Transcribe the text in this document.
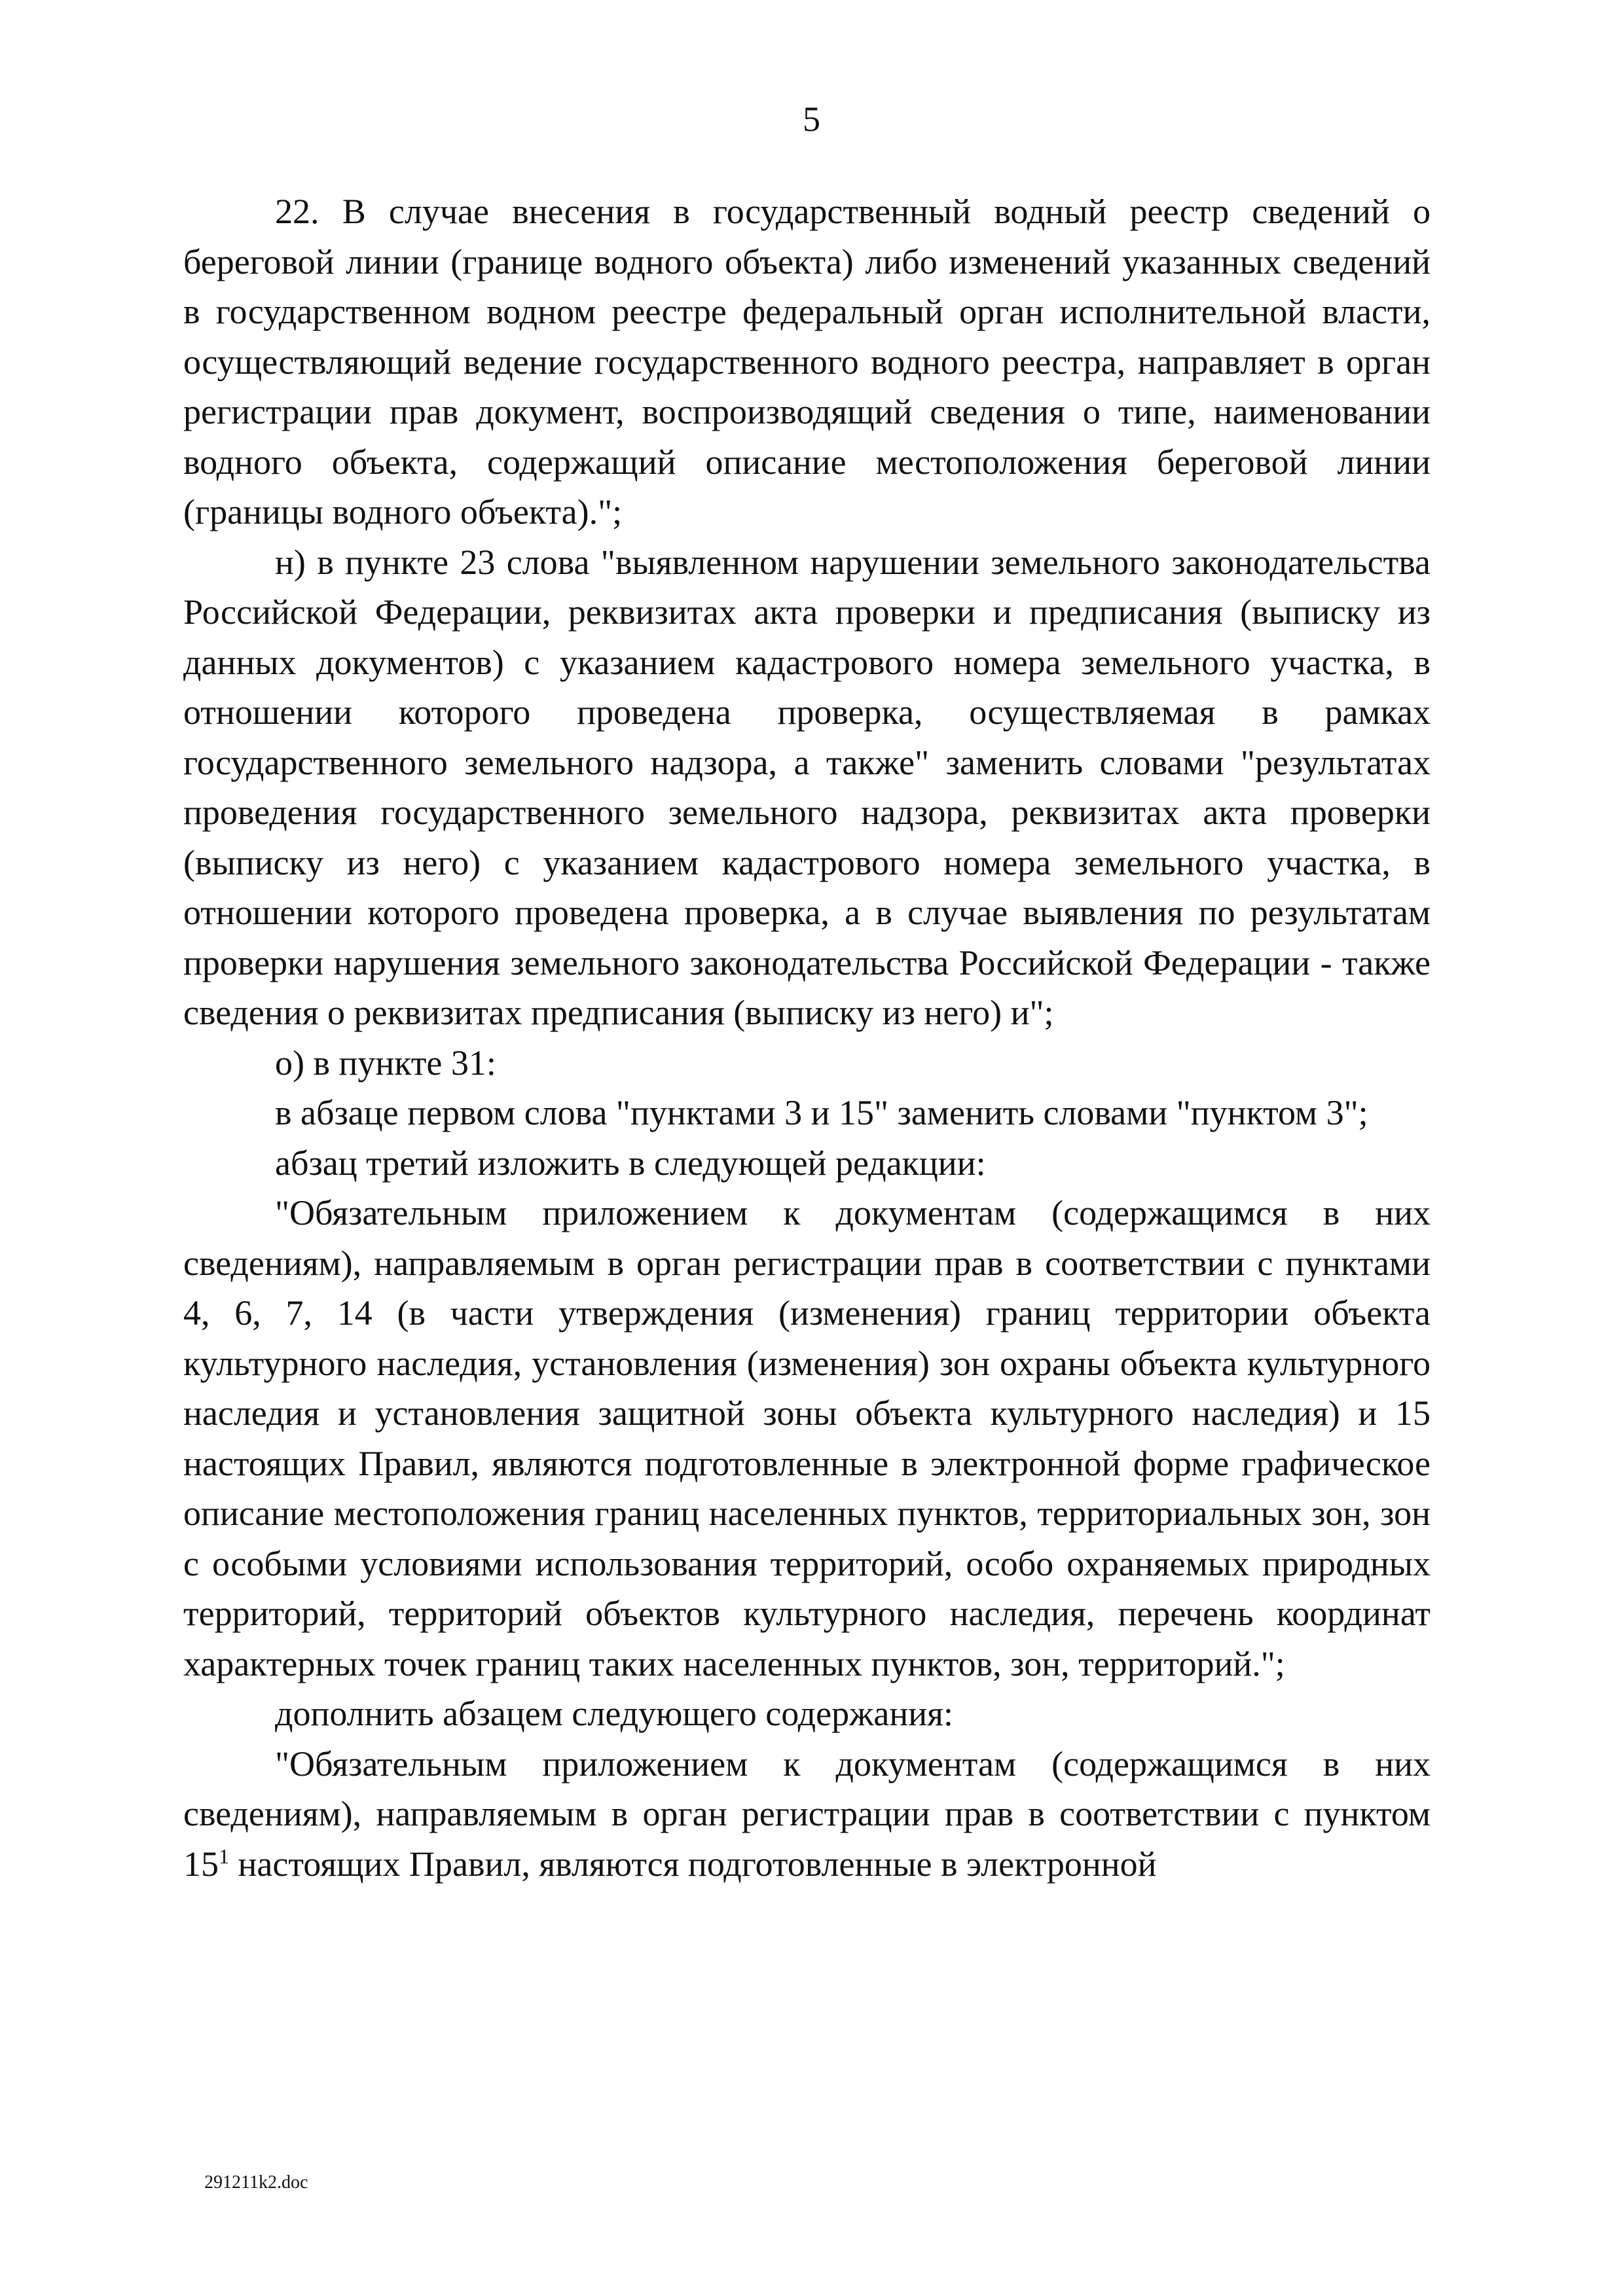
5

22. В случае внесения в государственный водный реестр сведений о береговой линии (границе водного объекта) либо изменений указанных сведений в государственном водном реестре федеральный орган исполнительной власти, осуществляющий ведение государственного водного реестра, направляет в орган регистрации прав документ, воспроизводящий сведения о типе, наименовании водного объекта, содержащий описание местоположения береговой линии (границы водного объекта).";

н) в пункте 23 слова "выявленном нарушении земельного законодательства Российской Федерации, реквизитах акта проверки и предписания (выписку из данных документов) с указанием кадастрового номера земельного участка, в отношении которого проведена проверка, осуществляемая в рамках государственного земельного надзора, а также" заменить словами "результатах проведения государственного земельного надзора, реквизитах акта проверки (выписку из него) с указанием кадастрового номера земельного участка, в отношении которого проведена проверка, а в случае выявления по результатам проверки нарушения земельного законодательства Российской Федерации - также сведения о реквизитах предписания (выписку из него) и";

о) в пункте 31:

в абзаце первом слова "пунктами 3 и 15" заменить словами "пунктом 3";

абзац третий изложить в следующей редакции:

"Обязательным приложением к документам (содержащимся в них сведениям), направляемым в орган регистрации прав в соответствии с пунктами 4, 6, 7, 14 (в части утверждения (изменения) границ территории объекта культурного наследия, установления (изменения) зон охраны объекта культурного наследия и установления защитной зоны объекта культурного наследия) и 15 настоящих Правил, являются подготовленные в электронной форме графическое описание местоположения границ населенных пунктов, территориальных зон, зон с особыми условиями использования территорий, особо охраняемых природных территорий, территорий объектов культурного наследия, перечень координат характерных точек границ таких населенных пунктов, зон, территорий.";

дополнить абзацем следующего содержания:

"Обязательным приложением к документам (содержащимся в них сведениям), направляемым в орган регистрации прав в соответствии с пунктом $15^1$ настоящих Правил, являются подготовленные в электронной

291211k2.doc
